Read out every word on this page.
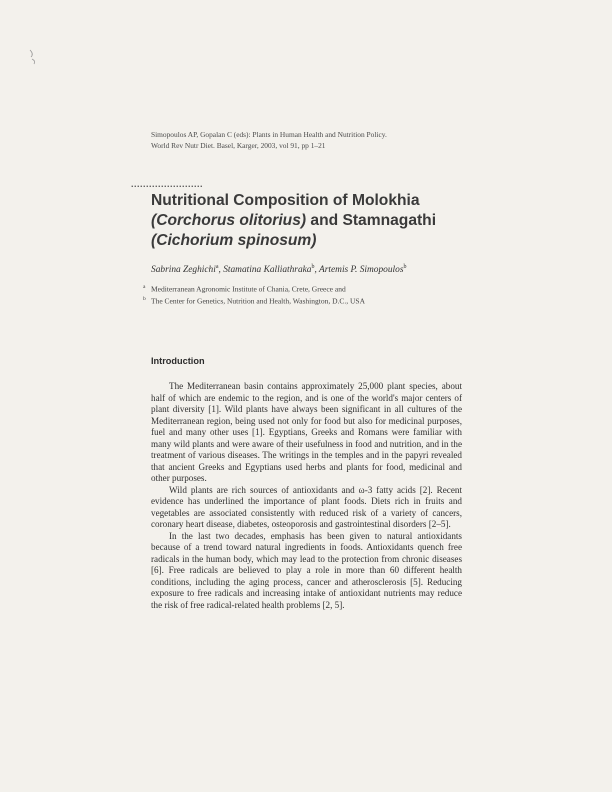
Simopoulos AP, Gopalan C (eds): Plants in Human Health and Nutrition Policy.
World Rev Nutr Diet. Basel, Karger, 2003, vol 91, pp 1–21
........................
Nutritional Composition of Molokhia
(Corchorus olitorius) and Stamnagathi
(Cichorium spinosum)
Sabrina Zeghichi$^a$, Stamatina Kalliathraka$^b$, Artemis P. Simopoulos$^b$
$^a$ Mediterranean Agronomic Institute of Chania, Crete, Greece and
$^b$ The Center for Genetics, Nutrition and Health, Washington, D.C., USA
Introduction

The Mediterranean basin contains approximately 25,000 plant species, about half of which are endemic to the region, and is one of the world's major centers of plant diversity [1]. Wild plants have always been significant in all cultures of the Mediterranean region, being used not only for food but also for medicinal purposes, fuel and many other uses [1]. Egyptians, Greeks and Romans were familiar with many wild plants and were aware of their usefulness in food and nutrition, and in the treatment of various diseases. The writings in the temples and in the papyri revealed that ancient Greeks and Egyptians used herbs and plants for food, medicinal and other purposes.

Wild plants are rich sources of antioxidants and ω-3 fatty acids [2]. Recent evidence has underlined the importance of plant foods. Diets rich in fruits and vegetables are associated consistently with reduced risk of a variety of cancers, coronary heart disease, diabetes, osteoporosis and gastrointestinal disorders [2–5].

In the last two decades, emphasis has been given to natural antioxidants because of a trend toward natural ingredients in foods. Antioxidants quench free radicals in the human body, which may lead to the protection from chronic diseases [6]. Free radicals are believed to play a role in more than 60 different health conditions, including the aging process, cancer and atherosclerosis [5]. Reducing exposure to free radicals and increasing intake of antioxidant nutrients may reduce the risk of free radical-related health problems [2, 5].
